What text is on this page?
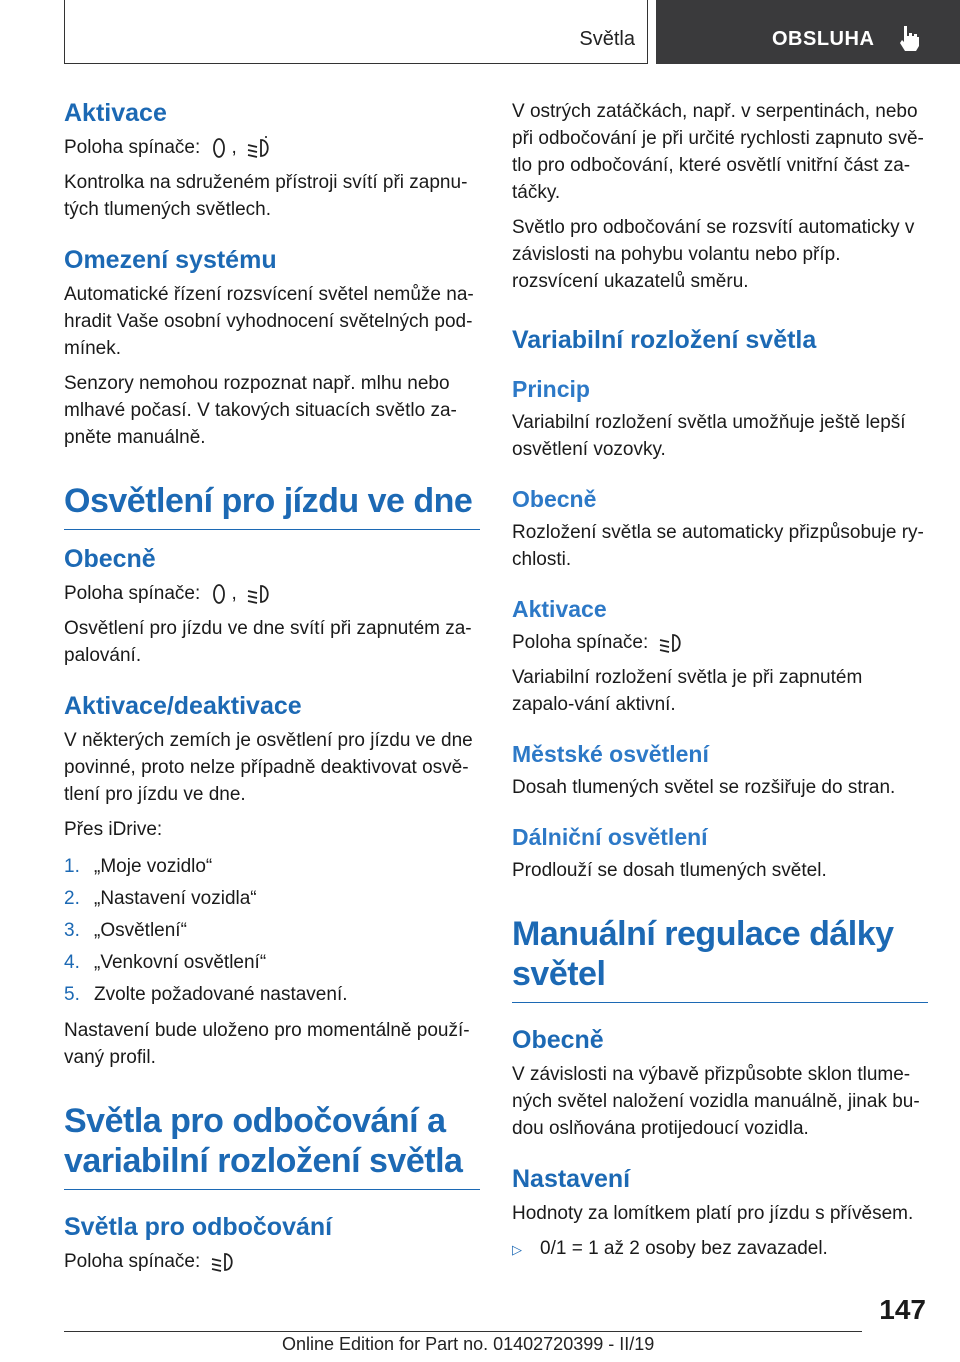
Světla	OBSLUHA
Aktivace

Poloha spínače: ,

Kontrolka na sdruženém přístroji svítí při zapnu-tých tlumených světlech.

Omezení systému

Automatické řízení rozsvícení světel nemůže na-hradit Vaše osobní vyhodnocení světelných pod-mínek.

Senzory nemohou rozpoznat např. mlhu nebo mlhavé počasí. V takových situacích světlo za-pněte manuálně.

Osvětlení pro jízdu ve dne
Obecně

Poloha spínače: ,

Osvětlení pro jízdu ve dne svítí při zapnutém za-palování.

Aktivace/deaktivace

V některých zemích je osvětlení pro jízdu ve dne povinné, proto nelze případně deaktivovat osvě-tlení pro jízdu ve dne.

Přes iDrive:

1. „Moje vozidlo“
2. „Nastavení vozidla“
3. „Osvětlení“
4. „Venkovní osvětlení“
5. Zvolte požadované nastavení.

Nastavení bude uloženo pro momentálně použí-vaný profil.

Světla pro odbočování a variabilní rozložení světla
Světla pro odbočování

Poloha spínače:

V ostrých zatáčkách, např. v serpentinách, nebo při odbočování je při určité rychlosti zapnuto svě-tlo pro odbočování, které osvětlí vnitřní část za-táčky.

Světlo pro odbočování se rozsvítí automaticky v závislosti na pohybu volantu nebo příp. rozsvícení ukazatelů směru.

Variabilní rozložení světla
Princip

Variabilní rozložení světla umožňuje ještě lepší osvětlení vozovky.

Obecně

Rozložení světla se automaticky přizpůsobuje ry-chlosti.

Aktivace

Poloha spínače:

Variabilní rozložení světla je při zapnutém zapalo-vání aktivní.

Městské osvětlení

Dosah tlumených světel se rozšiřuje do stran.

Dálniční osvětlení

Prodlouží se dosah tlumených světel.

Manuální regulace dálky světel
Obecně

V závislosti na výbavě přizpůsobte sklon tlume-ných světel naložení vozidla manuálně, jinak bu-dou oslňována protijedoucí vozidla.

Nastavení

Hodnoty za lomítkem platí pro jízdu s přívěsem.

▷ 0/1 = 1 až 2 osoby bez zavazadel.
147
Online Edition for Part no. 01402720399 - II/19
